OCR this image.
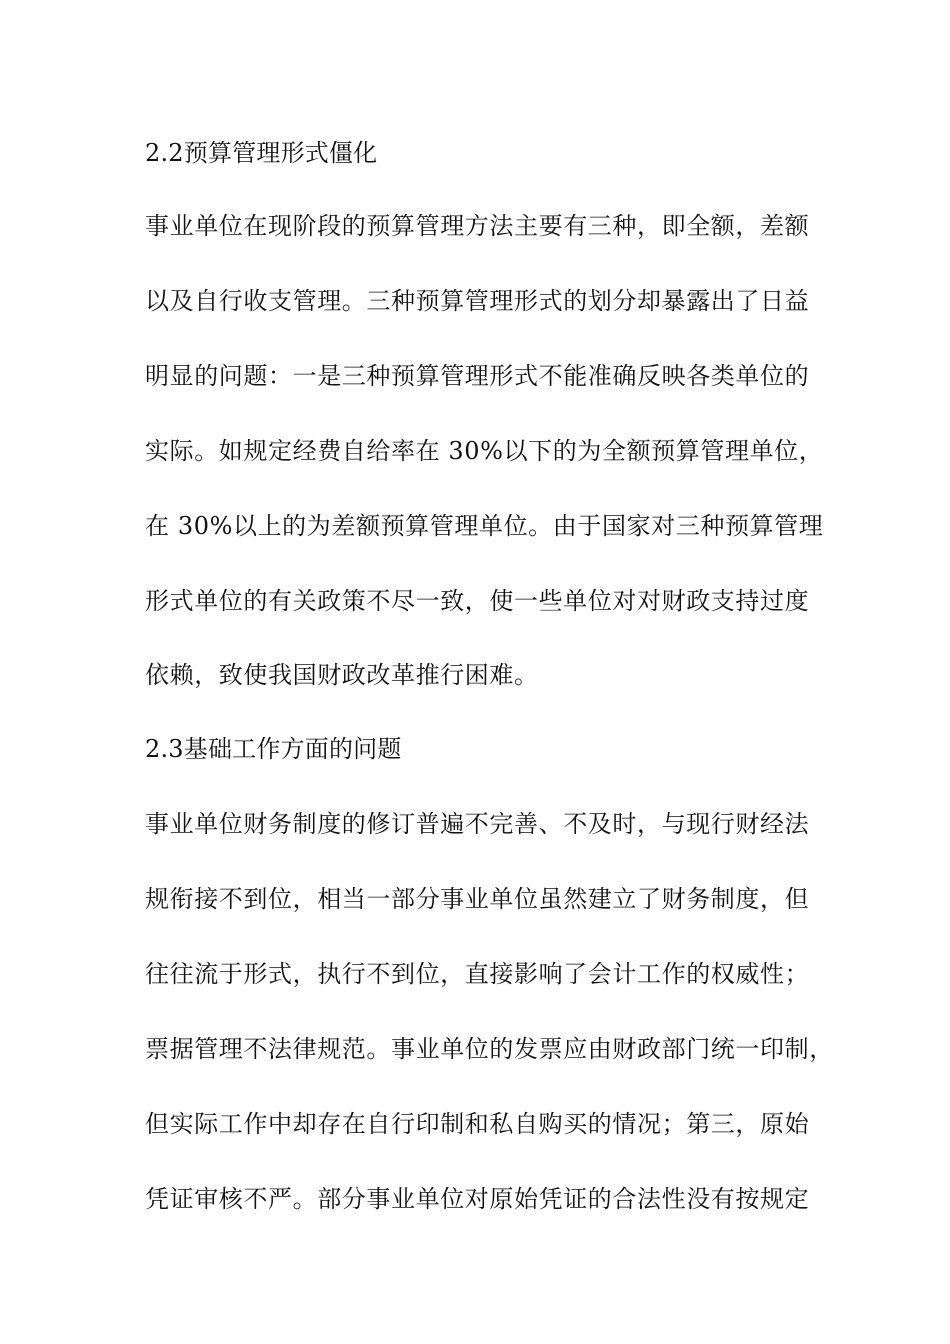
2.2预算管理形式僵化

事业单位在现阶段的预算管理方法主要有三种，即全额，差额

以及自行收支管理。三种预算管理形式的划分却暴露出了日益

明显的问题：一是三种预算管理形式不能准确反映各类单位的

实际。如规定经费自给率在 30%以下的为全额预算管理单位，

在 30%以上的为差额预算管理单位。由于国家对三种预算管理

形式单位的有关政策不尽一致，使一些单位对对财政支持过度

依赖，致使我国财政改革推行困难。

2.3基础工作方面的问题

事业单位财务制度的修订普遍不完善、不及时，与现行财经法

规衔接不到位，相当一部分事业单位虽然建立了财务制度，但

往往流于形式，执行不到位，直接影响了会计工作的权威性；

票据管理不法律规范。事业单位的发票应由财政部门统一印制，

但实际工作中却存在自行印制和私自购买的情况；第三，原始

凭证审核不严。部分事业单位对原始凭证的合法性没有按规定
